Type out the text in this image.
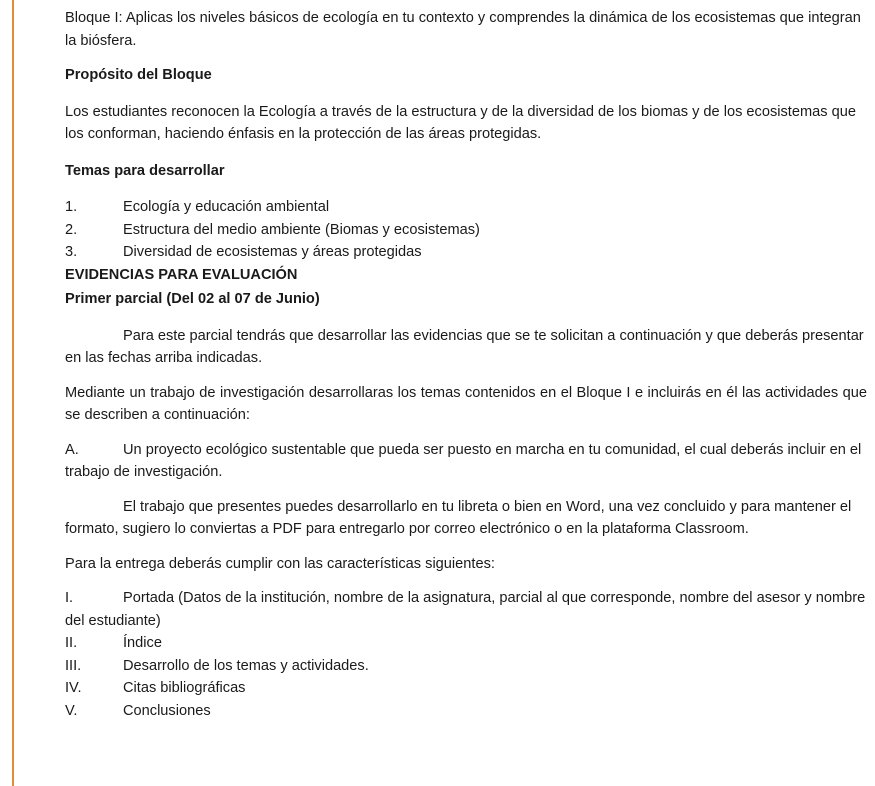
Bloque I: Aplicas los niveles básicos de ecología en tu contexto y comprendes la dinámica de los ecosistemas que integran la biósfera.

Propósito del Bloque

Los estudiantes reconocen la Ecología a través de la estructura y de la diversidad de los biomas y de los ecosistemas que los conforman, haciendo énfasis en la protección de las áreas protegidas.

Temas para desarrollar

1.	Ecología y educación ambiental
2.	Estructura del medio ambiente (Biomas y ecosistemas)
3.	Diversidad de ecosistemas y áreas protegidas

EVIDENCIAS PARA EVALUACIÓN

Primer parcial (Del 02 al 07 de Junio)

Para este parcial tendrás que desarrollar las evidencias que se te solicitan a continuación y que deberás presentar en las fechas arriba indicadas.

Mediante un trabajo de investigación desarrollaras los temas contenidos en el Bloque I e incluirás en él las actividades que se describen a continuación:

A.	Un proyecto ecológico sustentable que pueda ser puesto en marcha en tu comunidad, el cual deberás incluir en el trabajo de investigación.

El trabajo que presentes puedes desarrollarlo en tu libreta o bien en Word, una vez concluido y para mantener el formato, sugiero lo conviertas a PDF para entregarlo por correo electrónico o en la plataforma Classroom.

Para la entrega deberás cumplir con las características siguientes:

I.	Portada (Datos de la institución, nombre de la asignatura, parcial al que corresponde, nombre del asesor y nombre del estudiante)
II.	Índice
III.	Desarrollo de los temas y actividades.
IV.	Citas bibliográficas
V.	Conclusiones
